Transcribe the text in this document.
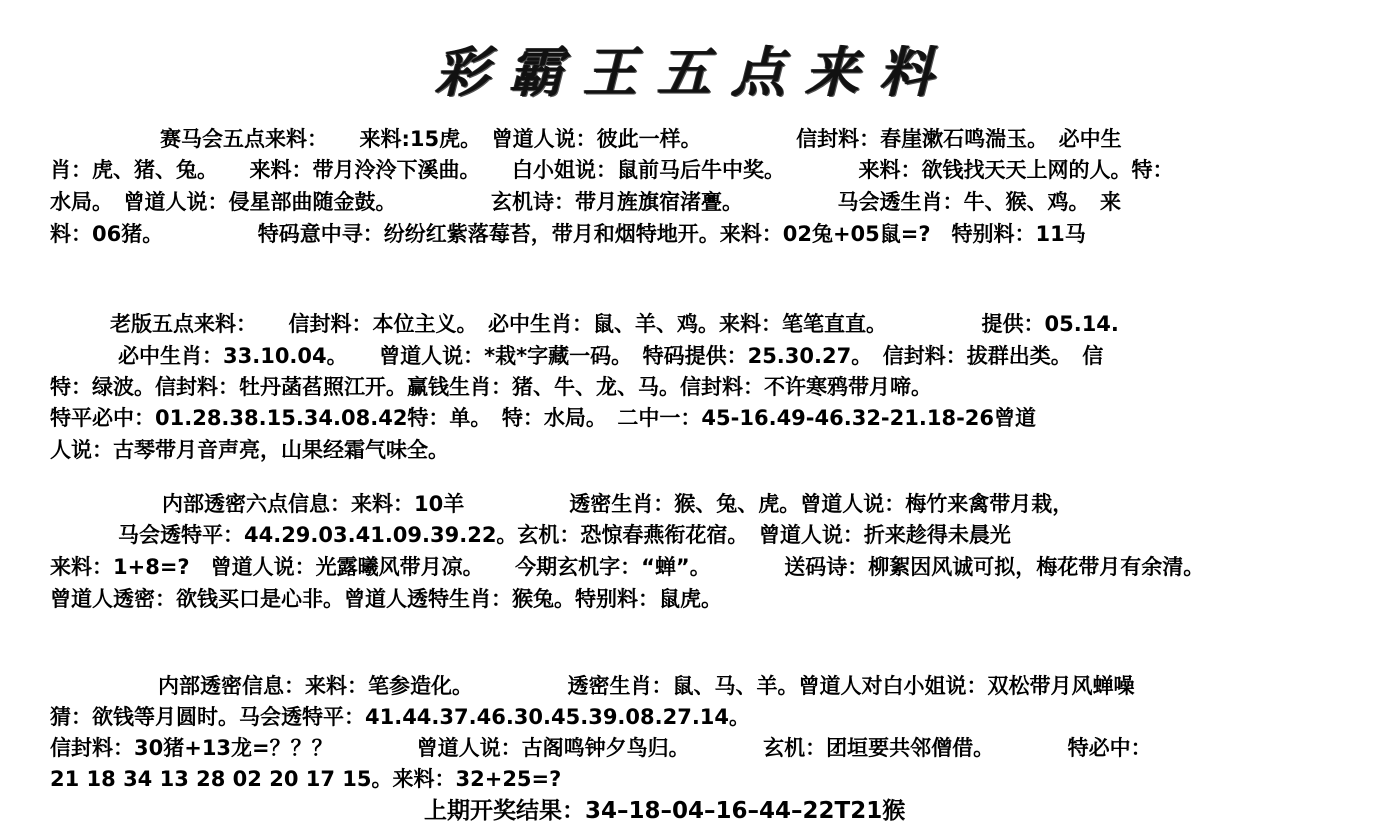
彩霸王五点来料
赛马会五点来料：　　来料:15虎。　曾道人说：彼此一样。　　　　　信封料：春崖漱石鸣湍玉。　必中生
肖：虎、猪、兔。　　来料：带月泠泠下溪曲。　　白小姐说：鼠前马后牛中奖。　　　　来料：欲钱找天天上网的人。特：
水局。　曾道人说：侵星部曲随金鼓。　　　　　玄机诗：带月旌旗宿渚亹。　　　　　马会透生肖：牛、猴、鸡。　来
料：06猪。　　　　　特码意中寻：纷纷红紫落莓苔，带月和烟特地开。来料：02兔+05鼠=?　特别料：11马
老版五点来料：　　信封料：本位主义。　必中生肖：鼠、羊、鸡。来料：笔笔直直。　　　　　提供：05.14.
必中生肖：33.10.04。　　曾道人说：*栽*字藏一码。　特码提供：25.30.27。　信封料：拔群出类。　信
特：绿波。信封料：牡丹菡萏照江开。赢钱生肖：猪、牛、龙、马。信封料：不许寒鸦带月啼。
特平必中：01.28.38.15.34.08.42特：单。　特：水局。　二中一：45-16.49-46.32-21.18-26曾道
人说：古琴带月音声亮，山果经霜气味全。
内部透密六点信息：来料：10羊　　　　　透密生肖：猴、兔、虎。曾道人说：梅竹来禽带月栽，
马会透特平：44.29.03.41.09.39.22。玄机：恐惊春燕衔花宿。　曾道人说：折来趁得未晨光
来料：1+8=?　曾道人说：光露曦风带月凉。　　今期玄机字：“蝉”。　　　　送码诗：柳絮因风诚可拟，梅花带月有余清。
曾道人透密：欲钱买口是心非。曾道人透特生肖：猴兔。特别料：鼠虎。
内部透密信息：来料：笔参造化。　　　　　透密生肖：鼠、马、羊。曾道人对白小姐说：双松带月风蝉噪
猜：欲钱等月圆时。马会透特平：41.44.37.46.30.45.39.08.27.14。
信封料：30猪+13龙=？？？　　　　曾道人说：古阁鸣钟夕鸟归。　　　　玄机：团垣要共邻僧借。　　　　特必中：
21 18 34 13 28 02 20 17 15。来料：32+25=?
上期开奖结果：34–18–04–16–44–22T21猴
